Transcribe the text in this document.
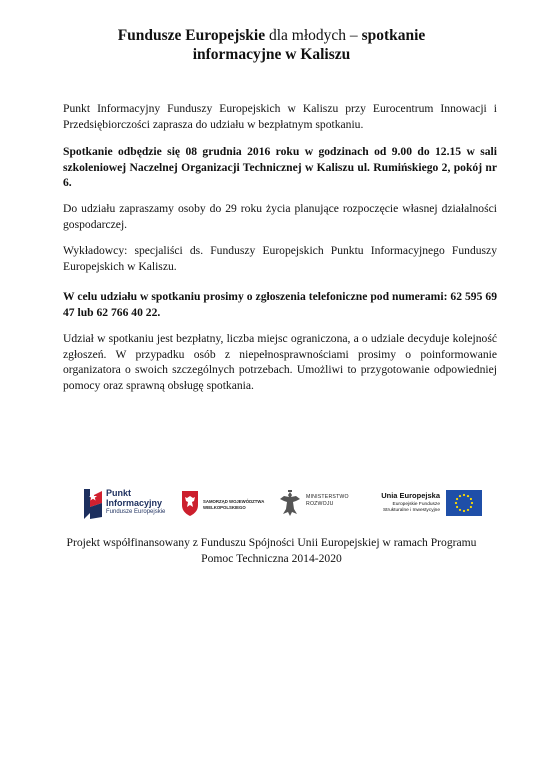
Fundusze Europejskie dla młodych – spotkanie
informacyjne w Kaliszu
Punkt Informacyjny Funduszy Europejskich w Kaliszu przy Eurocentrum Innowacji i Przedsiębiorczości zaprasza do udziału w bezpłatnym spotkaniu.
Spotkanie odbędzie się 08 grudnia 2016 roku w godzinach od 9.00 do 12.15 w sali szkoleniowej Naczelnej Organizacji Technicznej w Kaliszu ul. Rumińskiego 2, pokój nr 6.
Do udziału zapraszamy osoby do 29 roku życia planujące rozpoczęcie własnej działalności gospodarczej.
Wykładowcy: specjaliści ds. Funduszy Europejskich Punktu Informacyjnego Funduszy Europejskich w Kaliszu.
W celu udziału w spotkaniu prosimy o zgłoszenia telefoniczne pod numerami: 62 595 69 47 lub 62 766 40 22.
Udział w spotkaniu jest bezpłatny, liczba miejsc ograniczona, a o udziale decyduje kolejność zgłoszeń. W przypadku osób z niepełnosprawnościami prosimy o poinformowanie organizatora o swoich szczególnych potrzebach. Umożliwi to przygotowanie odpowiedniej pomocy oraz sprawną obsługę spotkania.
Punkt
Informacyjny
Fundusze Europejskie
SAMORZĄD WOJEWÓDZTWA
WIELKOPOLSKIEGO
MINISTERSTWO
ROZWOJU
Unia Europejska
Europejskie Fundusze
Strukturalne i Inwestycyjne
Projekt współfinansowany z Funduszu Spójności Unii Europejskiej w ramach Programu Pomoc Techniczna 2014-2020
